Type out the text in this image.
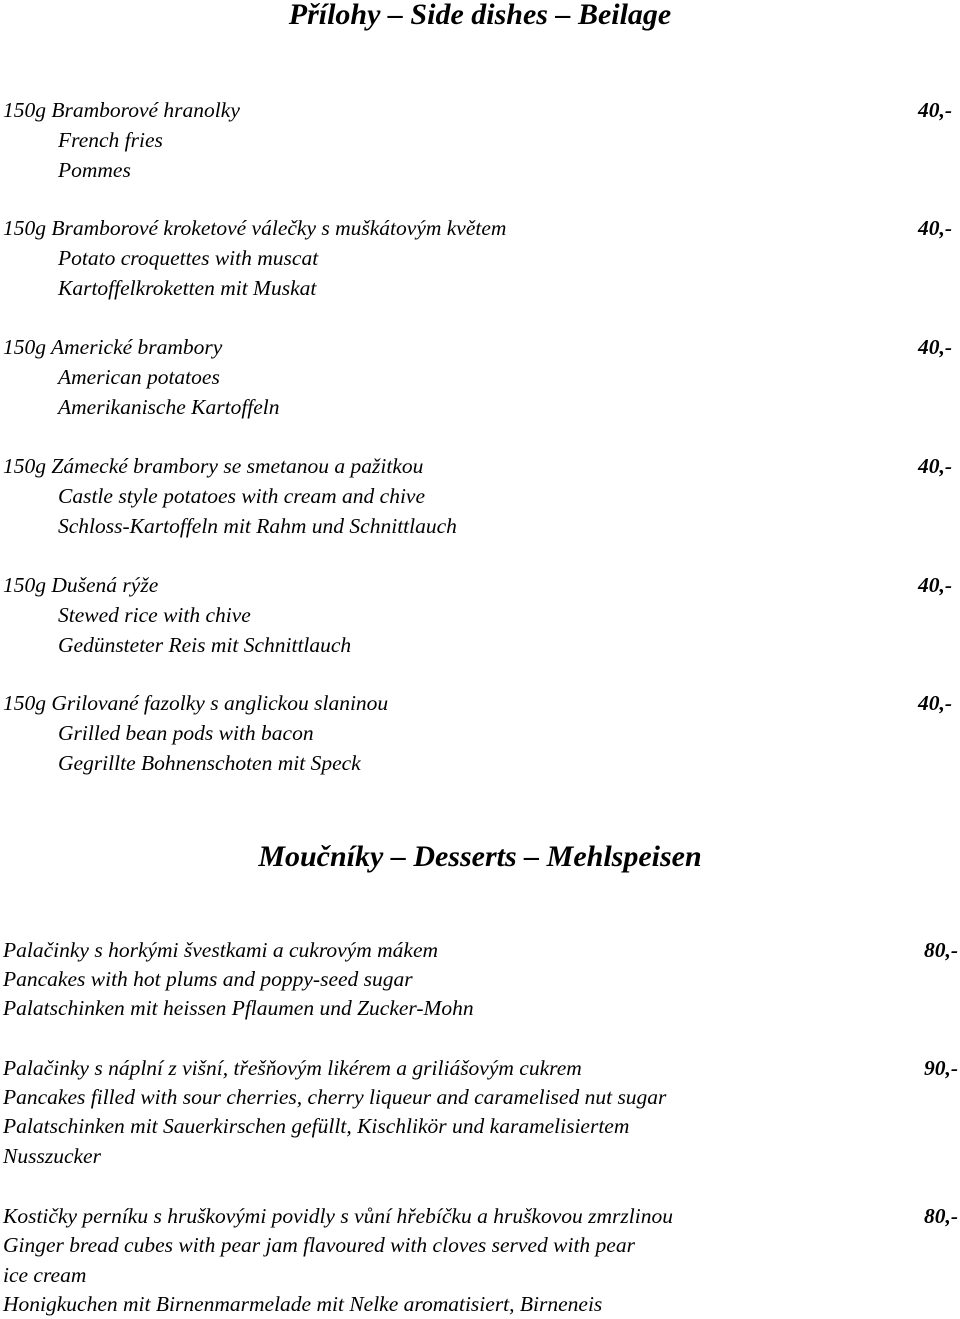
Přílohy – Side dishes – Beilage
150g Bramborové hranolky
French fries
Pommes
40,-
150g Bramborové kroketové válečky s muškátovým květem
Potato croquettes with muscat
Kartoffelkroketten mit Muskat
40,-
150g Americké brambory
American potatoes
Amerikanische Kartoffeln
40,-
150g Zámecké brambory se smetanou a pažitkou
Castle style potatoes with cream and chive
Schloss-Kartoffeln mit Rahm und Schnittlauch
40,-
150g Dušená rýže
Stewed rice with chive
Gedünsteter Reis mit Schnittlauch
40,-
150g Grilované fazolky s anglickou slaninou
Grilled bean pods with bacon
Gegrillte Bohnenschoten mit Speck
40,-
Moučníky – Desserts – Mehlspeisen
Palačinky s horkými švestkami a cukrovým mákem
Pancakes with hot plums and poppy-seed sugar
Palatschinken mit heissen Pflaumen und Zucker-Mohn
80,-
Palačinky s náplní z višní, třešňovým likérem a griliášovým cukrem
Pancakes filled with sour cherries, cherry liqueur and caramelised nut sugar
Palatschinken mit Sauerkirschen gefüllt, Kischlikör und karamelisiertem
Nusszucker
90,-
Kostičky perníku s hruškovými povidly s vůní hřebíčku a hruškovou zmrzlinou
Ginger bread cubes with pear jam flavoured with cloves served with pear
ice cream
Honigkuchen mit Birnenmarmelade mit Nelke aromatisiert, Birneneis
80,-
